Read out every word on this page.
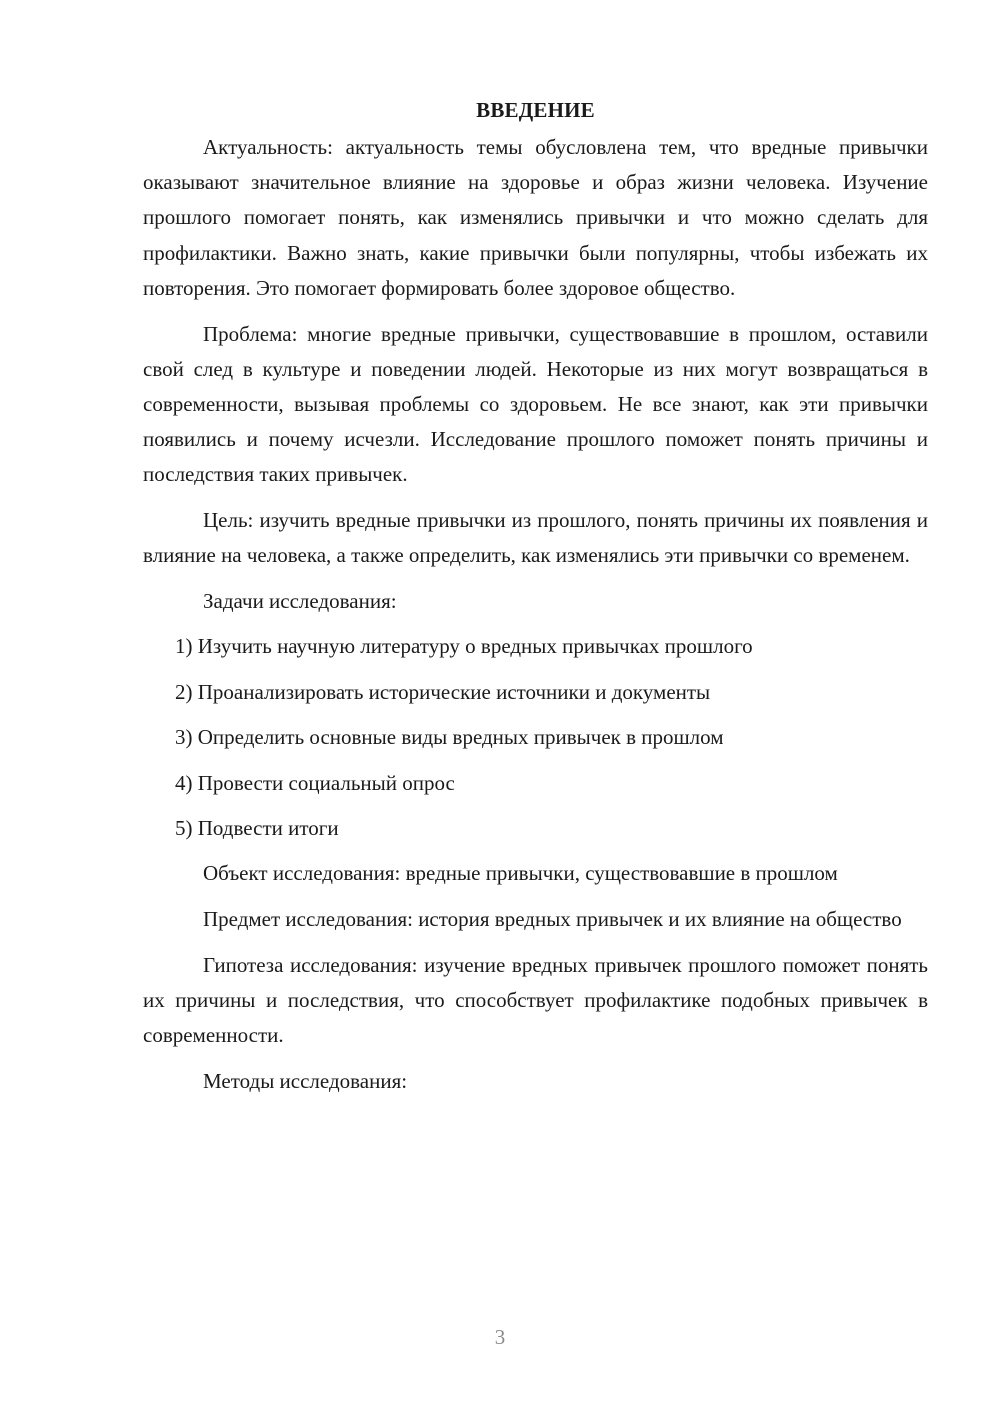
ВВЕДЕНИЕ

Актуальность: актуальность темы обусловлена тем, что вредные привычки оказывают значительное влияние на здоровье и образ жизни человека. Изучение прошлого помогает понять, как изменялись привычки и что можно сделать для профилактики. Важно знать, какие привычки были популярны, чтобы избежать их повторения. Это помогает формировать более здоровое общество.

Проблема: многие вредные привычки, существовавшие в прошлом, оставили свой след в культуре и поведении людей. Некоторые из них могут возвращаться в современности, вызывая проблемы со здоровьем. Не все знают, как эти привычки появились и почему исчезли. Исследование прошлого поможет понять причины и последствия таких привычек.

Цель: изучить вредные привычки из прошлого, понять причины их появления и влияние на человека, а также определить, как изменялись эти привычки со временем.

Задачи исследования:
1) Изучить научную литературу о вредных привычках прошлого
2) Проанализировать исторические источники и документы
3) Определить основные виды вредных привычек в прошлом
4) Провести социальный опрос
5) Подвести итоги

Объект исследования: вредные привычки, существовавшие в прошлом

Предмет исследования: история вредных привычек и их влияние на общество

Гипотеза исследования: изучение вредных привычек прошлого поможет понять их причины и последствия, что способствует профилактике подобных привычек в современности.

Методы исследования:
3
